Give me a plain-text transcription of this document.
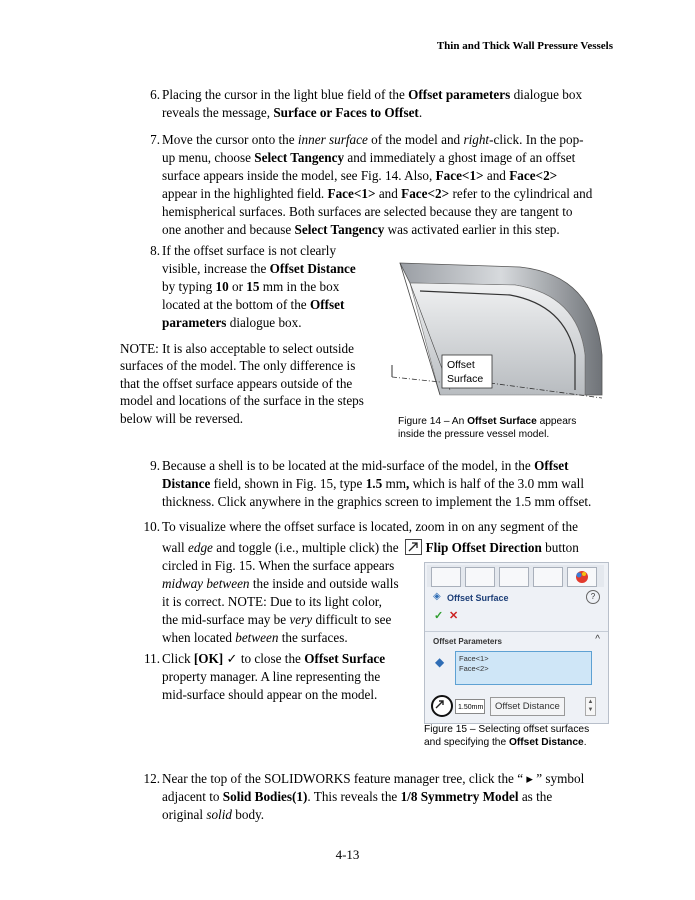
Thin and Thick Wall Pressure Vessels
6. Placing the cursor in the light blue field of the Offset parameters dialogue box
reveals the message, Surface or Faces to Offset.
7. Move the cursor onto the inner surface of the model and right-click. In the pop-
up menu, choose Select Tangency and immediately a ghost image of an offset
surface appears inside the model, see Fig. 14. Also, Face<1> and Face<2>
appear in the highlighted field. Face<1> and Face<2> refer to the cylindrical and
hemispherical surfaces. Both surfaces are selected because they are tangent to
one another and because Select Tangency was activated earlier in this step.
8. If the offset surface is not clearly
visible, increase the Offset Distance
by typing 10 or 15 mm in the box
located at the bottom of the Offset
parameters dialogue box.
NOTE: It is also acceptable to select outside
surfaces of the model. The only difference is
that the offset surface appears outside of the
model and locations of the surface in the steps
below will be reversed.
Offset
Surface
Figure 14 – An Offset Surface appears
inside the pressure vessel model.
9. Because a shell is to be located at the mid-surface of the model, in the Offset
Distance field, shown in Fig. 15, type 1.5 mm, which is half of the 3.0 mm wall
thickness. Click anywhere in the graphics screen to implement the 1.5 mm offset.
10. To visualize where the offset surface is located, zoom in on any segment of the
wall edge and toggle (i.e., multiple click) the Flip Offset Direction button
circled in Fig. 15. When the surface appears
midway between the inside and outside walls
it is correct. NOTE: Due to its light color,
the mid-surface may be very difficult to see
when located between the surfaces.
11. Click [OK] ✓ to close the Offset Surface
property manager. A line representing the
mid-surface should appear on the model.
◈ Offset Surface	?
✓ ✕
Offset Parameters	^
◆ Face<1>
Face<2>
1.50mm	Offset Distance	▲
▼
Figure 15 – Selecting offset surfaces
and specifying the Offset Distance.
12. Near the top of the SOLIDWORKS feature manager tree, click the “ ▸ ” symbol
adjacent to Solid Bodies(1). This reveals the 1/8 Symmetry Model as the
original solid body.
4-13
